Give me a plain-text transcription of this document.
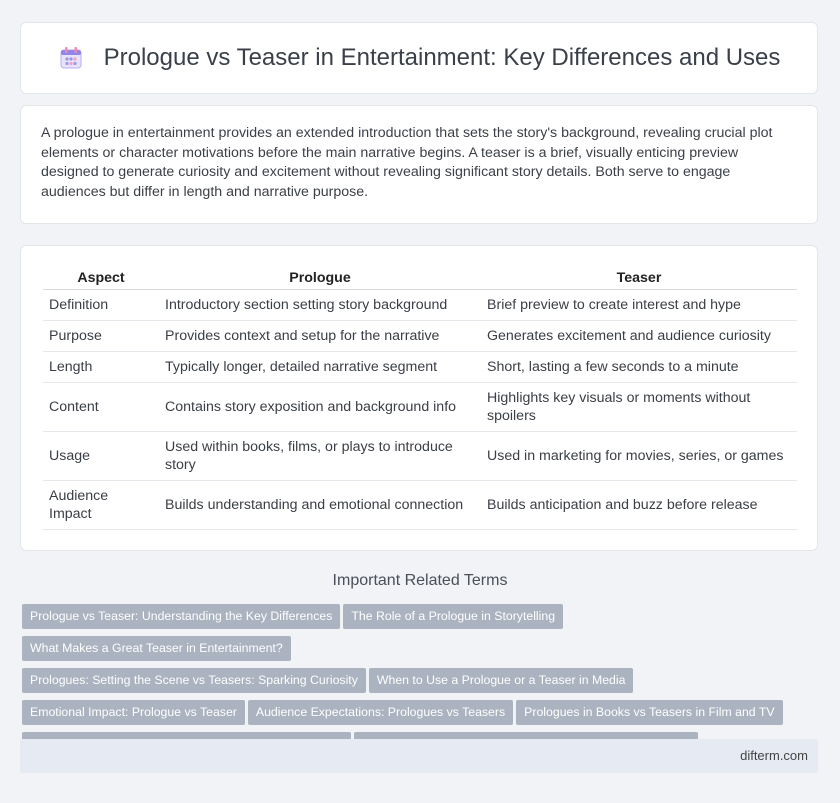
Prologue vs Teaser in Entertainment: Key Differences and Uses

A prologue in entertainment provides an extended introduction that sets the story's background, revealing crucial plot elements or character motivations before the main narrative begins. A teaser is a brief, visually enticing preview designed to generate curiosity and excitement without revealing significant story details. Both serve to engage audiences but differ in length and narrative purpose.

Aspect	Prologue	Teaser
Definition	Introductory section setting story background	Brief preview to create interest and hype
Purpose	Provides context and setup for the narrative	Generates excitement and audience curiosity
Length	Typically longer, detailed narrative segment	Short, lasting a few seconds to a minute
Content	Contains story exposition and background info	Highlights key visuals or moments without spoilers
Usage	Used within books, films, or plays to introduce story	Used in marketing for movies, series, or games
Audience Impact	Builds understanding and emotional connection	Builds anticipation and buzz before release
Important Related Terms
Prologue vs Teaser: Understanding the Key Differences The Role of a Prologue in StorytellingWhat Makes a Great Teaser in Entertainment?
Prologues: Setting the Scene vs Teasers: Sparking Curiosity When to Use a Prologue or a Teaser in Media
Emotional Impact: Prologue vs Teaser Audience Expectations: Prologues vs Teasers Prologues in Books vs Teasers in Film and TV

difterm.com
